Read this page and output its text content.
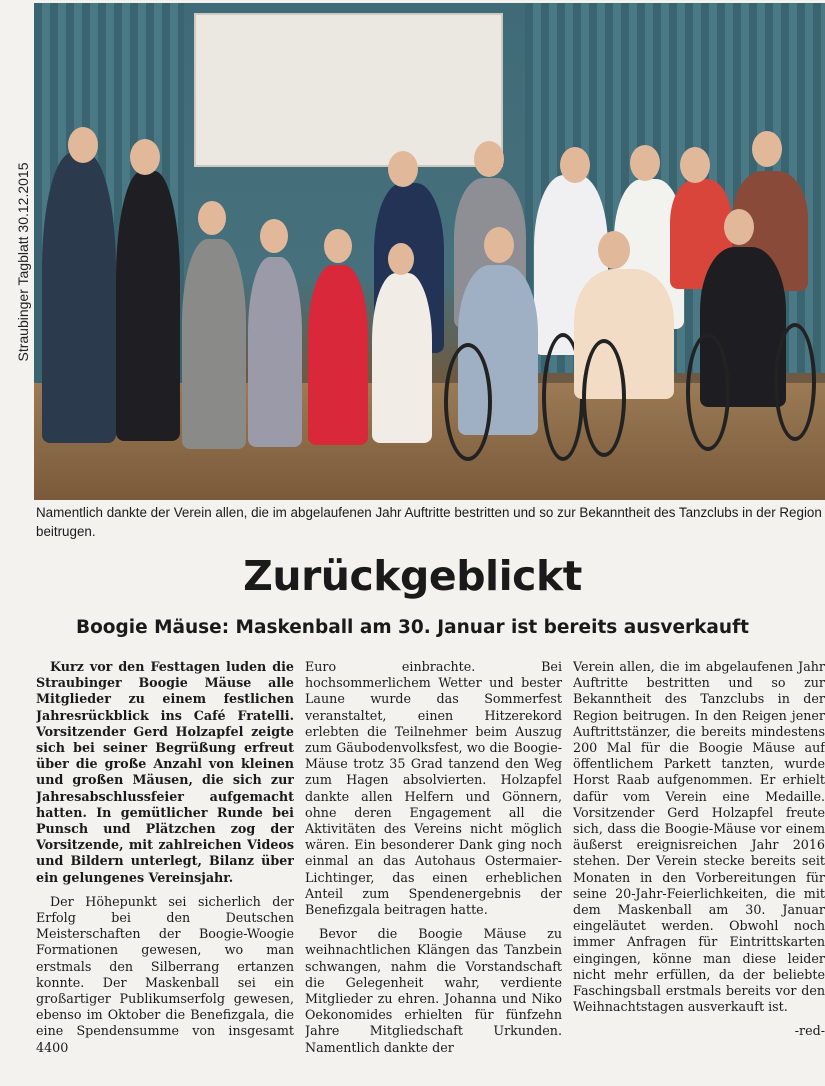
Straubinger Tagblatt 30.12.2015

Namentlich dankte der Verein allen, die im abgelaufenen Jahr Auftritte bestritten und so zur Bekanntheit des Tanzclubs in der Region beitrugen.

Zurückgeblickt
Boogie Mäuse: Maskenball am 30. Januar ist bereits ausverkauft

Kurz vor den Festtagen luden die Straubinger Boogie Mäuse alle Mitglieder zu einem festlichen Jahresrückblick ins Café Fratelli. Vorsitzender Gerd Holzapfel zeigte sich bei seiner Begrüßung erfreut über die große Anzahl von kleinen und großen Mäusen, die sich zur Jahresabschlussfeier aufgemacht hatten. In gemütlicher Runde bei Punsch und Plätzchen zog der Vorsitzende, mit zahlreichen Videos und Bildern unterlegt, Bilanz über ein gelungenes Vereinsjahr.

Der Höhepunkt sei sicherlich der Erfolg bei den Deutschen Meisterschaften der Boogie-Woogie Formationen gewesen, wo man erstmals den Silberrang ertanzen konnte. Der Maskenball sei ein großartiger Publikumserfolg gewesen, ebenso im Oktober die Benefizgala, die eine Spendensumme von insgesamt 4400

Euro einbrachte. Bei hochsommerlichem Wetter und bester Laune wurde das Sommerfest veranstaltet, einen Hitzerekord erlebten die Teilnehmer beim Auszug zum Gäubodenvolksfest, wo die Boogie-Mäuse trotz 35 Grad tanzend den Weg zum Hagen absolvierten. Holzapfel dankte allen Helfern und Gönnern, ohne deren Engagement all die Aktivitäten des Vereins nicht möglich wären. Ein besonderer Dank ging noch einmal an das Autohaus Ostermaier-Lichtinger, das einen erheblichen Anteil zum Spendenergebnis der Benefizgala beitragen hatte.

Bevor die Boogie Mäuse zu weihnachtlichen Klängen das Tanzbein schwangen, nahm die Vorstandschaft die Gelegenheit wahr, verdiente Mitglieder zu ehren. Johanna und Niko Oekonomides erhielten für fünfzehn Jahre Mitgliedschaft Urkunden. Namentlich dankte der

Verein allen, die im abgelaufenen Jahr Auftritte bestritten und so zur Bekanntheit des Tanzclubs in der Region beitrugen. In den Reigen jener Auftrittstänzer, die bereits mindestens 200 Mal für die Boogie Mäuse auf öffentlichem Parkett tanzten, wurde Horst Raab aufgenommen. Er erhielt dafür vom Verein eine Medaille. Vorsitzender Gerd Holzapfel freute sich, dass die Boogie-Mäuse vor einem äußerst ereignisreichen Jahr 2016 stehen. Der Verein stecke bereits seit Monaten in den Vorbereitungen für seine 20-Jahr-Feierlichkeiten, die mit dem Maskenball am 30. Januar eingeläutet werden. Obwohl noch immer Anfragen für Eintrittskarten eingingen, könne man diese leider nicht mehr erfüllen, da der beliebte Faschingsball erstmals bereits vor den Weihnachtstagen ausverkauft ist.

-red-
